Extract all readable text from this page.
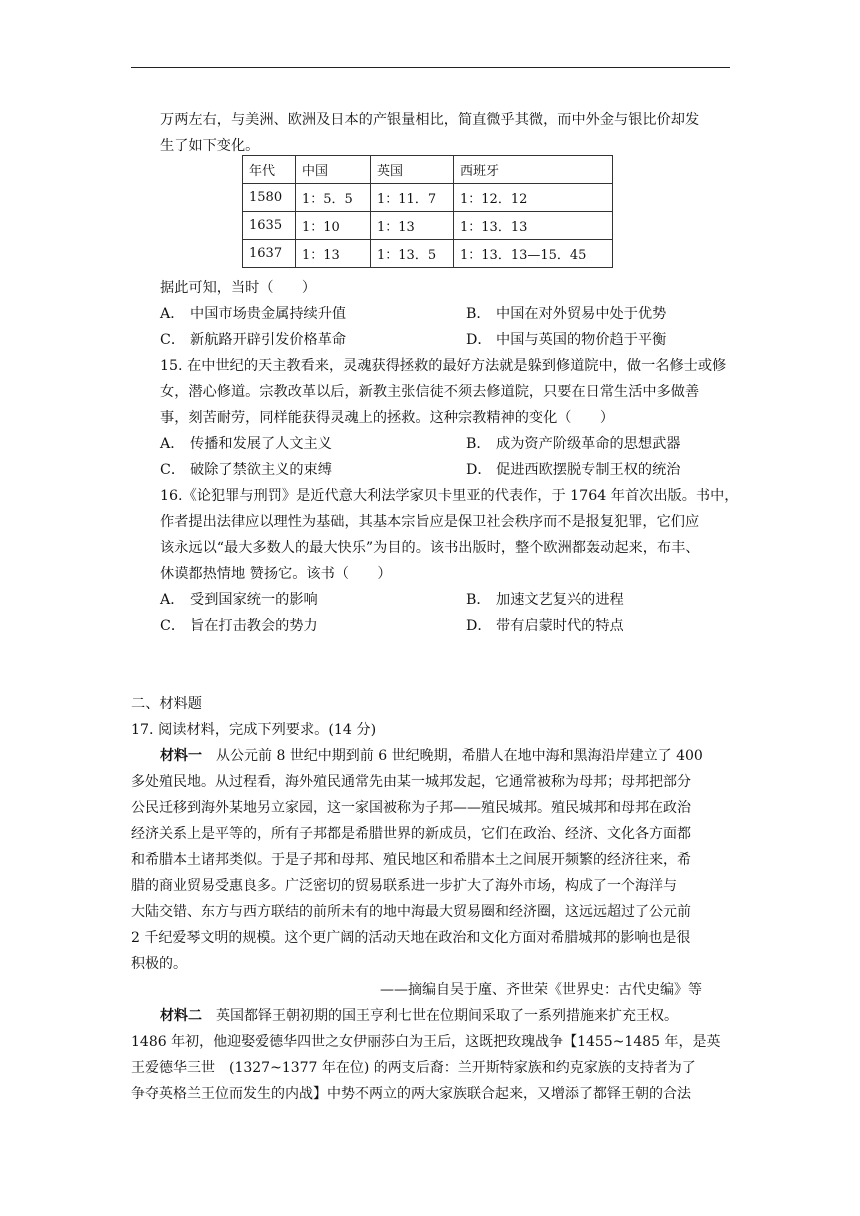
万两左右，与美洲、欧洲及日本的产银量相比，简直微乎其微，而中外金与银比价却发
生了如下变化。
年代	中国	英国	西班牙
1580	1：5．5	1：11．7	1：12．12
1635	1：10	1：13	1：13．13
1637	1：13	1：13．5	1：13．13—15．45
据此可知，当时（　　）
A． 中国市场贵金属持续升值	B． 中国在对外贸易中处于优势
C． 新航路开辟引发价格革命	D． 中国与英国的物价趋于平衡
15. 在中世纪的天主教看来，灵魂获得拯救的最好方法就是躲到修道院中，做一名修士或修
女，潜心修道。宗教改革以后，新教主张信徒不须去修道院，只要在日常生活中多做善
事，刻苦耐劳，同样能获得灵魂上的拯救。这种宗教精神的变化（　　）
A． 传播和发展了人文主义	B． 成为资产阶级革命的思想武器
C． 破除了禁欲主义的束缚	D． 促进西欧摆脱专制王权的统治
16.《论犯罪与刑罚》是近代意大利法学家贝卡里亚的代表作，于 1764 年首次出版。书中，
作者提出法律应以理性为基础，其基本宗旨应是保卫社会秩序而不是报复犯罪，它们应
该永远以“最大多数人的最大快乐”为目的。该书出版时，整个欧洲都轰动起来，布丰、
休谟都热情地 赞扬它。该书（　　）
A． 受到国家统一的影响	B． 加速文艺复兴的进程
C． 旨在打击教会的势力	D． 带有启蒙时代的特点
二、材料题
17. 阅读材料，完成下列要求。(14 分)
材料一　 从公元前 8 世纪中期到前 6 世纪晚期，希腊人在地中海和黑海沿岸建立了 400
多处殖民地。从过程看，海外殖民通常先由某一城邦发起，它通常被称为母邦；母邦把部分
公民迁移到海外某地另立家园，这一家国被称为子邦——殖民城邦。殖民城邦和母邦在政治
经济关系上是平等的，所有子邦都是希腊世界的新成员，它们在政治、经济、文化各方面都
和希腊本土诸邦类似。于是子邦和母邦、殖民地区和希腊本土之间展开频繁的经济往来，希
腊的商业贸易受惠良多。广泛密切的贸易联系进一步扩大了海外市场，构成了一个海洋与
大陆交错、东方与西方联结的前所未有的地中海最大贸易圈和经济圈，这远远超过了公元前
2 千纪爱琴文明的规模。这个更广阔的活动天地在政治和文化方面对希腊城邦的影响也是很
积极的。
——摘编自吴于廑、齐世荣《世界史：古代史编》等
材料二　 英国都铎王朝初期的国王亨利七世在位期间采取了一系列措施来扩充王权。
1486 年初，他迎娶爱德华四世之女伊丽莎白为王后，这既把玫瑰战争【1455~1485 年，是英
王爱德华三世　(1327~1377 年在位) 的两支后裔：兰开斯特家族和约克家族的支持者为了
争夺英格兰王位而发生的内战】中势不两立的两大家族联合起来，又增添了都铎王朝的合法
